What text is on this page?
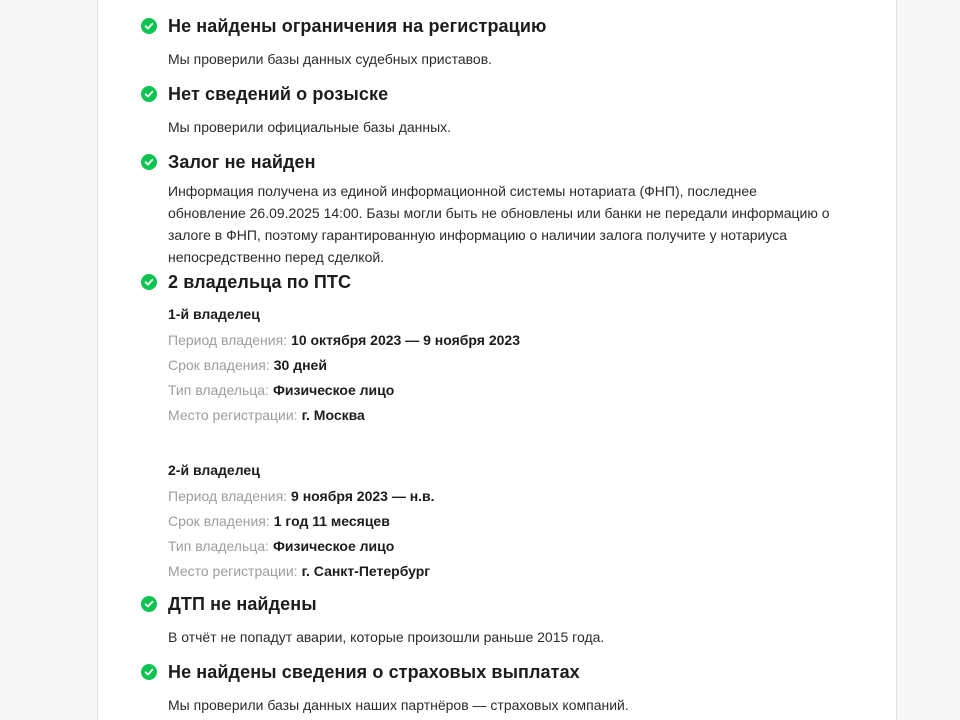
Не найдены ограничения на регистрацию

Мы проверили базы данных судебных приставов.

Нет сведений о розыске

Мы проверили официальные базы данных.

Залог не найден

Информация получена из единой информационной системы нотариата (ФНП), последнее обновление 26.09.2025 14:00. Базы могли быть не обновлены или банки не передали информацию о залоге в ФНП, поэтому гарантированную информацию о наличии залога получите у нотариуса непосредственно перед сделкой.

2 владельца по ПТС
1-й владелец
Период владения: 10 октября 2023 — 9 ноября 2023
Срок владения: 30 дней
Тип владельца: Физическое лицо
Место регистрации: г. Москва
2-й владелец
Период владения: 9 ноября 2023 — н.в.
Срок владения: 1 год 11 месяцев
Тип владельца: Физическое лицо
Место регистрации: г. Санкт-Петербург
ДТП не найдены

В отчёт не попадут аварии, которые произошли раньше 2015 года.

Не найдены сведения о страховых выплатах

Мы проверили базы данных наших партнёров — страховых компаний.
